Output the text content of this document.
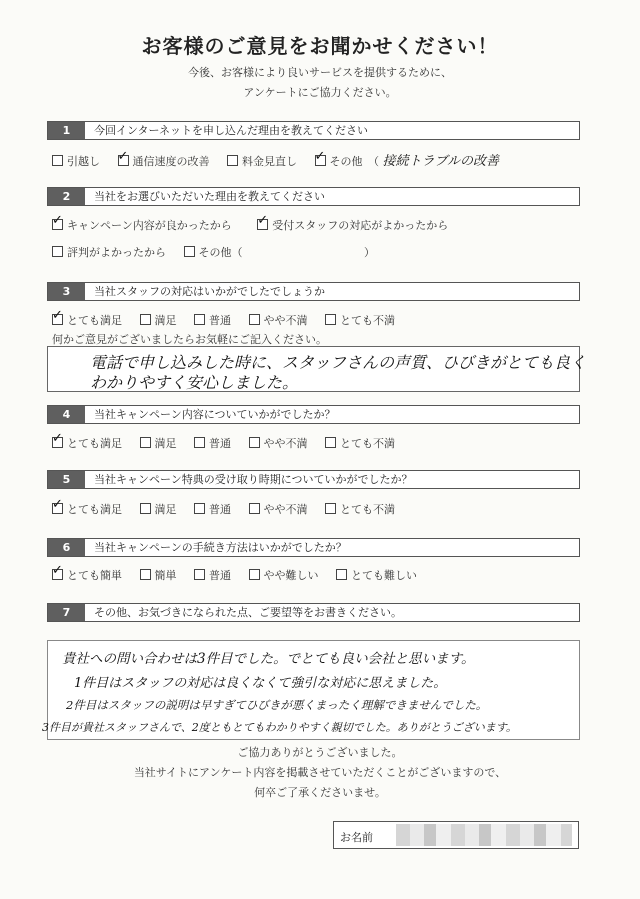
お客様のご意見をお聞かせください！
今後、お客様により良いサービスを提供するために、
アンケートにご協力ください。
1	今回インターネットを申し込んだ理由を教えてください
引越し ✓	通信速度の改善	料金見直し ✓	その他 （ 接続トラブルの改善
2	当社をお選びいただいた理由を教えてください
✓キャンペーン内容が良かったから ✓	受付スタッフの対応がよかったから
評判がよかったから	その他（	）
3	当社スタッフの対応はいかがでしたでしょうか
✓とても満足	満足	普通	やや不満	とても不満
何かご意見がございましたらお気軽にご記入ください。
電話で申し込みした時に、スタッフさんの声質、ひびきがとても良く
わかりやすく安心しました。
4	当社キャンペーン内容についていかがでしたか？
✓とても満足	満足	普通	やや不満	とても不満
5	当社キャンペーン特典の受け取り時期についていかがでしたか？
✓とても満足	満足	普通	やや不満	とても不満
6	当社キャンペーンの手続き方法はいかがでしたか？
✓とても簡単	簡単	普通	やや難しい	とても難しい
7	その他、お気づきになられた点、ご要望等をお書きください。
貴社への問い合わせは3件目でした。でとても良い会社と思います。
1件目はスタッフの対応は良くなくて強引な対応に思えました。
2件目はスタッフの説明は早すぎてひびきが悪くまったく理解できませんでした。
3件目が貴社スタッフさんで、2度ともとてもわかりやすく親切でした。ありがとうございます。
ご協力ありがとうございました。
当社サイトにアンケート内容を掲載させていただくことがございますので、
何卒ご了承くださいませ。
お名前
